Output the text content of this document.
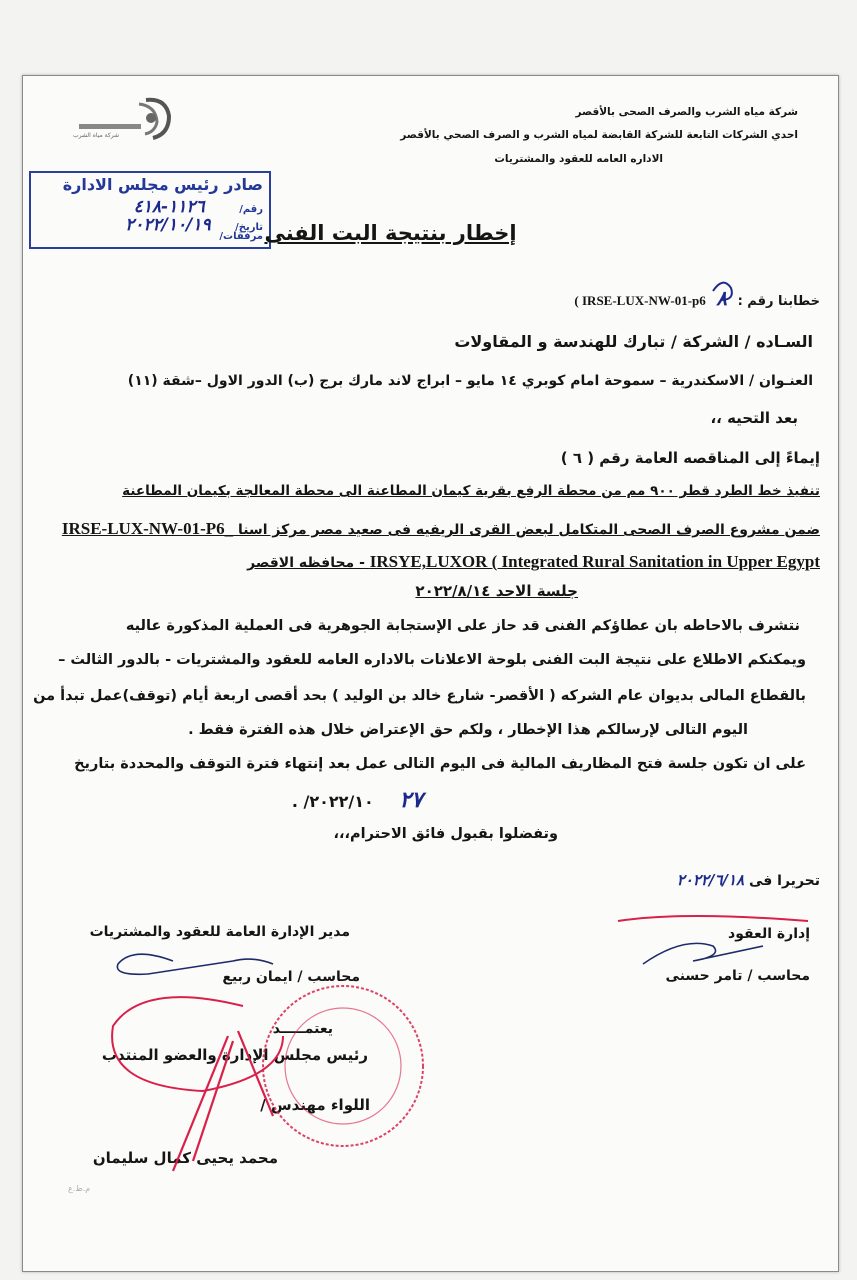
شركة مياه الشرب والصرف الصحى بالأقصر
احدي الشركات التابعة للشركة القابضة لمياه الشرب و الصرف الصحي بالأقصر
الاداره العامه للعقود والمشتريات
شركة مياه الشرب
صادر رئيس مجلس الادارة
رقم/ ١١٢٦-٤١٨
تاريخ/ ٢٠٢٢/١٠/١٩
مرفقات/ إخطار بنتيجة البت الفنى
خطابنا رقم : ٨ ( IRSE-LUX-NW-01-p6
السـاده / الشركة / تبارك للهندسة و المقاولات
العنـوان / الاسكندرية – سموحة امام كوبري ١٤ مايو – ابراج لاند مارك برج (ب) الدور الاول –شقة (١١)
بعد التحيه ،،
إيماءً إلى المناقصه العامة رقم ( ٦ )
تنفيذ خط الطرد قطر ٩٠٠ مم من محطة الرفع بقرية كيمان المطاعنة الى محطة المعالجة بكيمان المطاعنة
ضمن مشروع الصرف الصحى المتكامل لبعض القرى الريفيه فى صعيد مصر مركز اسنا IRSE-LUX-NW-01-P6_
IRSYE,LUXOR ( Integrated Rural Sanitation in Upper Egypt - محافظه الاقصر
جلسة الاحد ٢٠٢٢/٨/١٤
نتشرف بالاحاطه بان عطاؤكم الفنى قد حاز على الإستجابة الجوهرية فى العملية المذكورة عاليه
ويمكنكم الاطلاع على نتيجة البت الفنى بلوحة الاعلانات بالاداره العامه للعقود والمشتريات - بالدور الثالث –
بالقطاع المالى بديوان عام الشركه ( الأقصر- شارع خالد بن الوليد ) بحد أقصى اربعة أيام (توقف)عمل تبدأ من
اليوم التالى لإرسالكم هذا الإخطار ، ولكم حق الإعتراض خلال هذه الفترة فقط .
على ان تكون جلسة فتح المظاريف المالية فى اليوم التالى عمل بعد إنتهاء فترة التوقف والمحددة بتاريخ
٢٧ ٢٠٢٢/١٠/ .
وتفضلوا بقبول فائق الاحترام،،،
تحريرا فى ٢٠٢٢/٦/١٨
إدارة العقود
محاسب / تامر حسنى
مدير الإدارة العامة للعقود والمشتريات
محاسب / ايمان ربيع
يعتمـــــد
رئيس مجلس الإدارة والعضو المنتدب
اللواء مهندس /
محمد يحيى كمال سليمان
م.ط.ع
